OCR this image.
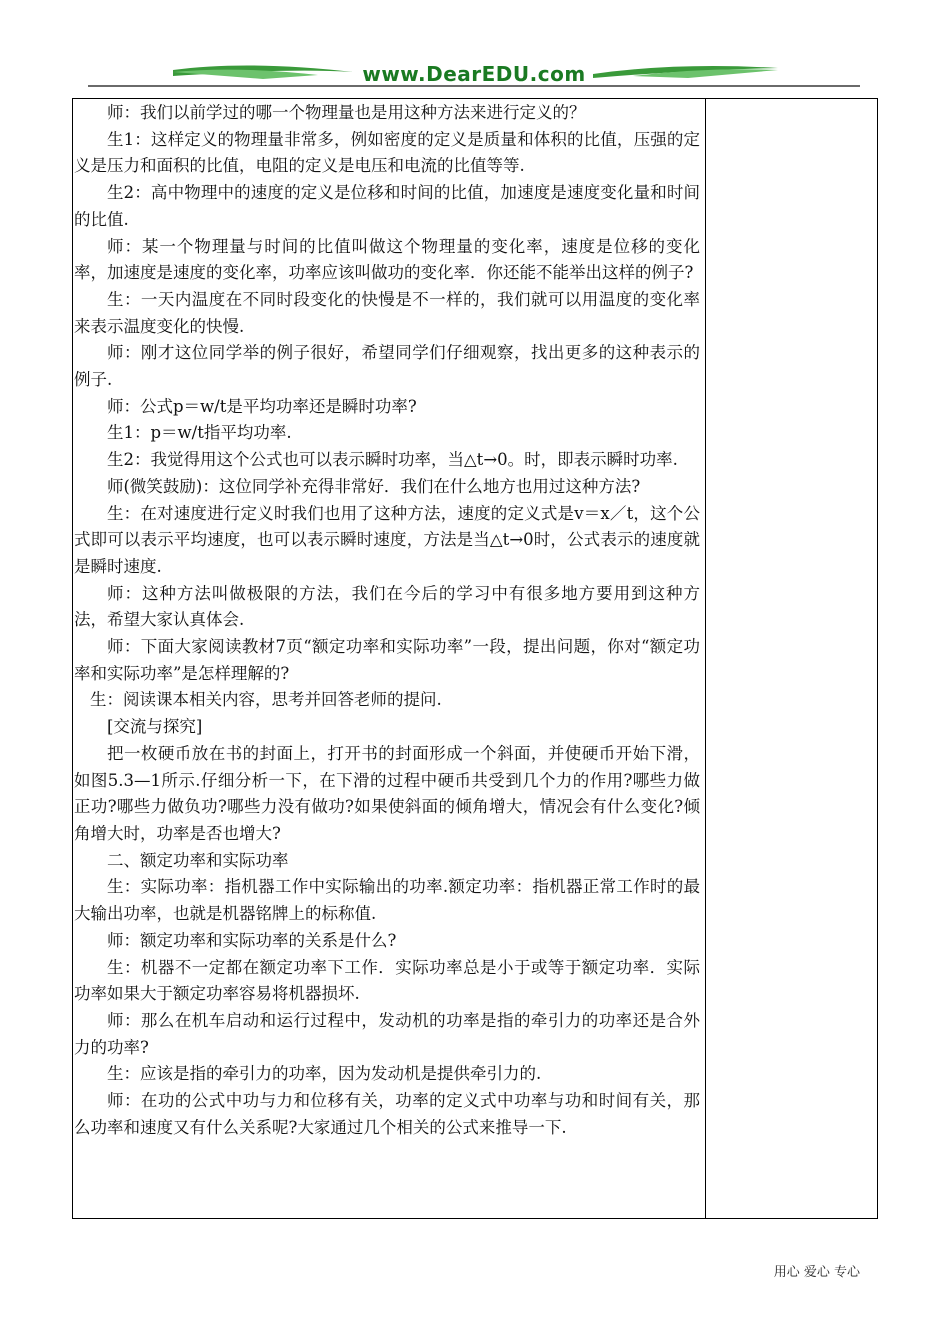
www.DearEDU.com

师：我们以前学过的哪一个物理量也是用这种方法来进行定义的？

生1：这样定义的物理量非常多，例如密度的定义是质量和体积的比值，压强的定义是压力和面积的比值，电阻的定义是电压和电流的比值等等.

生2：高中物理中的速度的定义是位移和时间的比值，加速度是速度变化量和时间的比值.

师：某一个物理量与时间的比值叫做这个物理量的变化率，速度是位移的变化率，加速度是速度的变化率，功率应该叫做功的变化率．你还能不能举出这样的例子?

生：一天内温度在不同时段变化的快慢是不一样的，我们就可以用温度的变化率来表示温度变化的快慢.

师：刚才这位同学举的例子很好，希望同学们仔细观察，找出更多的这种表示的例子.

师：公式p＝w/t是平均功率还是瞬时功率?

生1：p＝w/t指平均功率.

生2：我觉得用这个公式也可以表示瞬时功率，当△t→0。时，即表示瞬时功率.

师(微笑鼓励)：这位同学补充得非常好．我们在什么地方也用过这种方法?

生：在对速度进行定义时我们也用了这种方法，速度的定义式是v＝x／t，这个公式即可以表示平均速度，也可以表示瞬时速度，方法是当△t→0时，公式表示的速度就是瞬时速度.

师：这种方法叫做极限的方法，我们在今后的学习中有很多地方要用到这种方法，希望大家认真体会.

师：下面大家阅读教材7页“额定功率和实际功率”一段，提出问题，你对“额定功率和实际功率”是怎样理解的?

生：阅读课本相关内容，思考并回答老师的提问.

[交流与探究]

把一枚硬币放在书的封面上，打开书的封面形成一个斜面，并使硬币开始下滑，如图5.3—1所示.仔细分析一下，在下滑的过程中硬币共受到几个力的作用?哪些力做正功?哪些力做负功?哪些力没有做功?如果使斜面的倾角增大，情况会有什么变化?倾角增大时，功率是否也增大?

二、额定功率和实际功率

生：实际功率：指机器工作中实际输出的功率.额定功率：指机器正常工作时的最大输出功率，也就是机器铭牌上的标称值.

师：额定功率和实际功率的关系是什么?

生：机器不一定都在额定功率下工作．实际功率总是小于或等于额定功率．实际功率如果大于额定功率容易将机器损坏.

师：那么在机车启动和运行过程中，发动机的功率是指的牵引力的功率还是合外力的功率?

生：应该是指的牵引力的功率，因为发动机是提供牵引力的.

师：在功的公式中功与力和位移有关，功率的定义式中功率与功和时间有关，那么功率和速度又有什么关系呢?大家通过几个相关的公式来推导一下.

用心 爱心 专心
